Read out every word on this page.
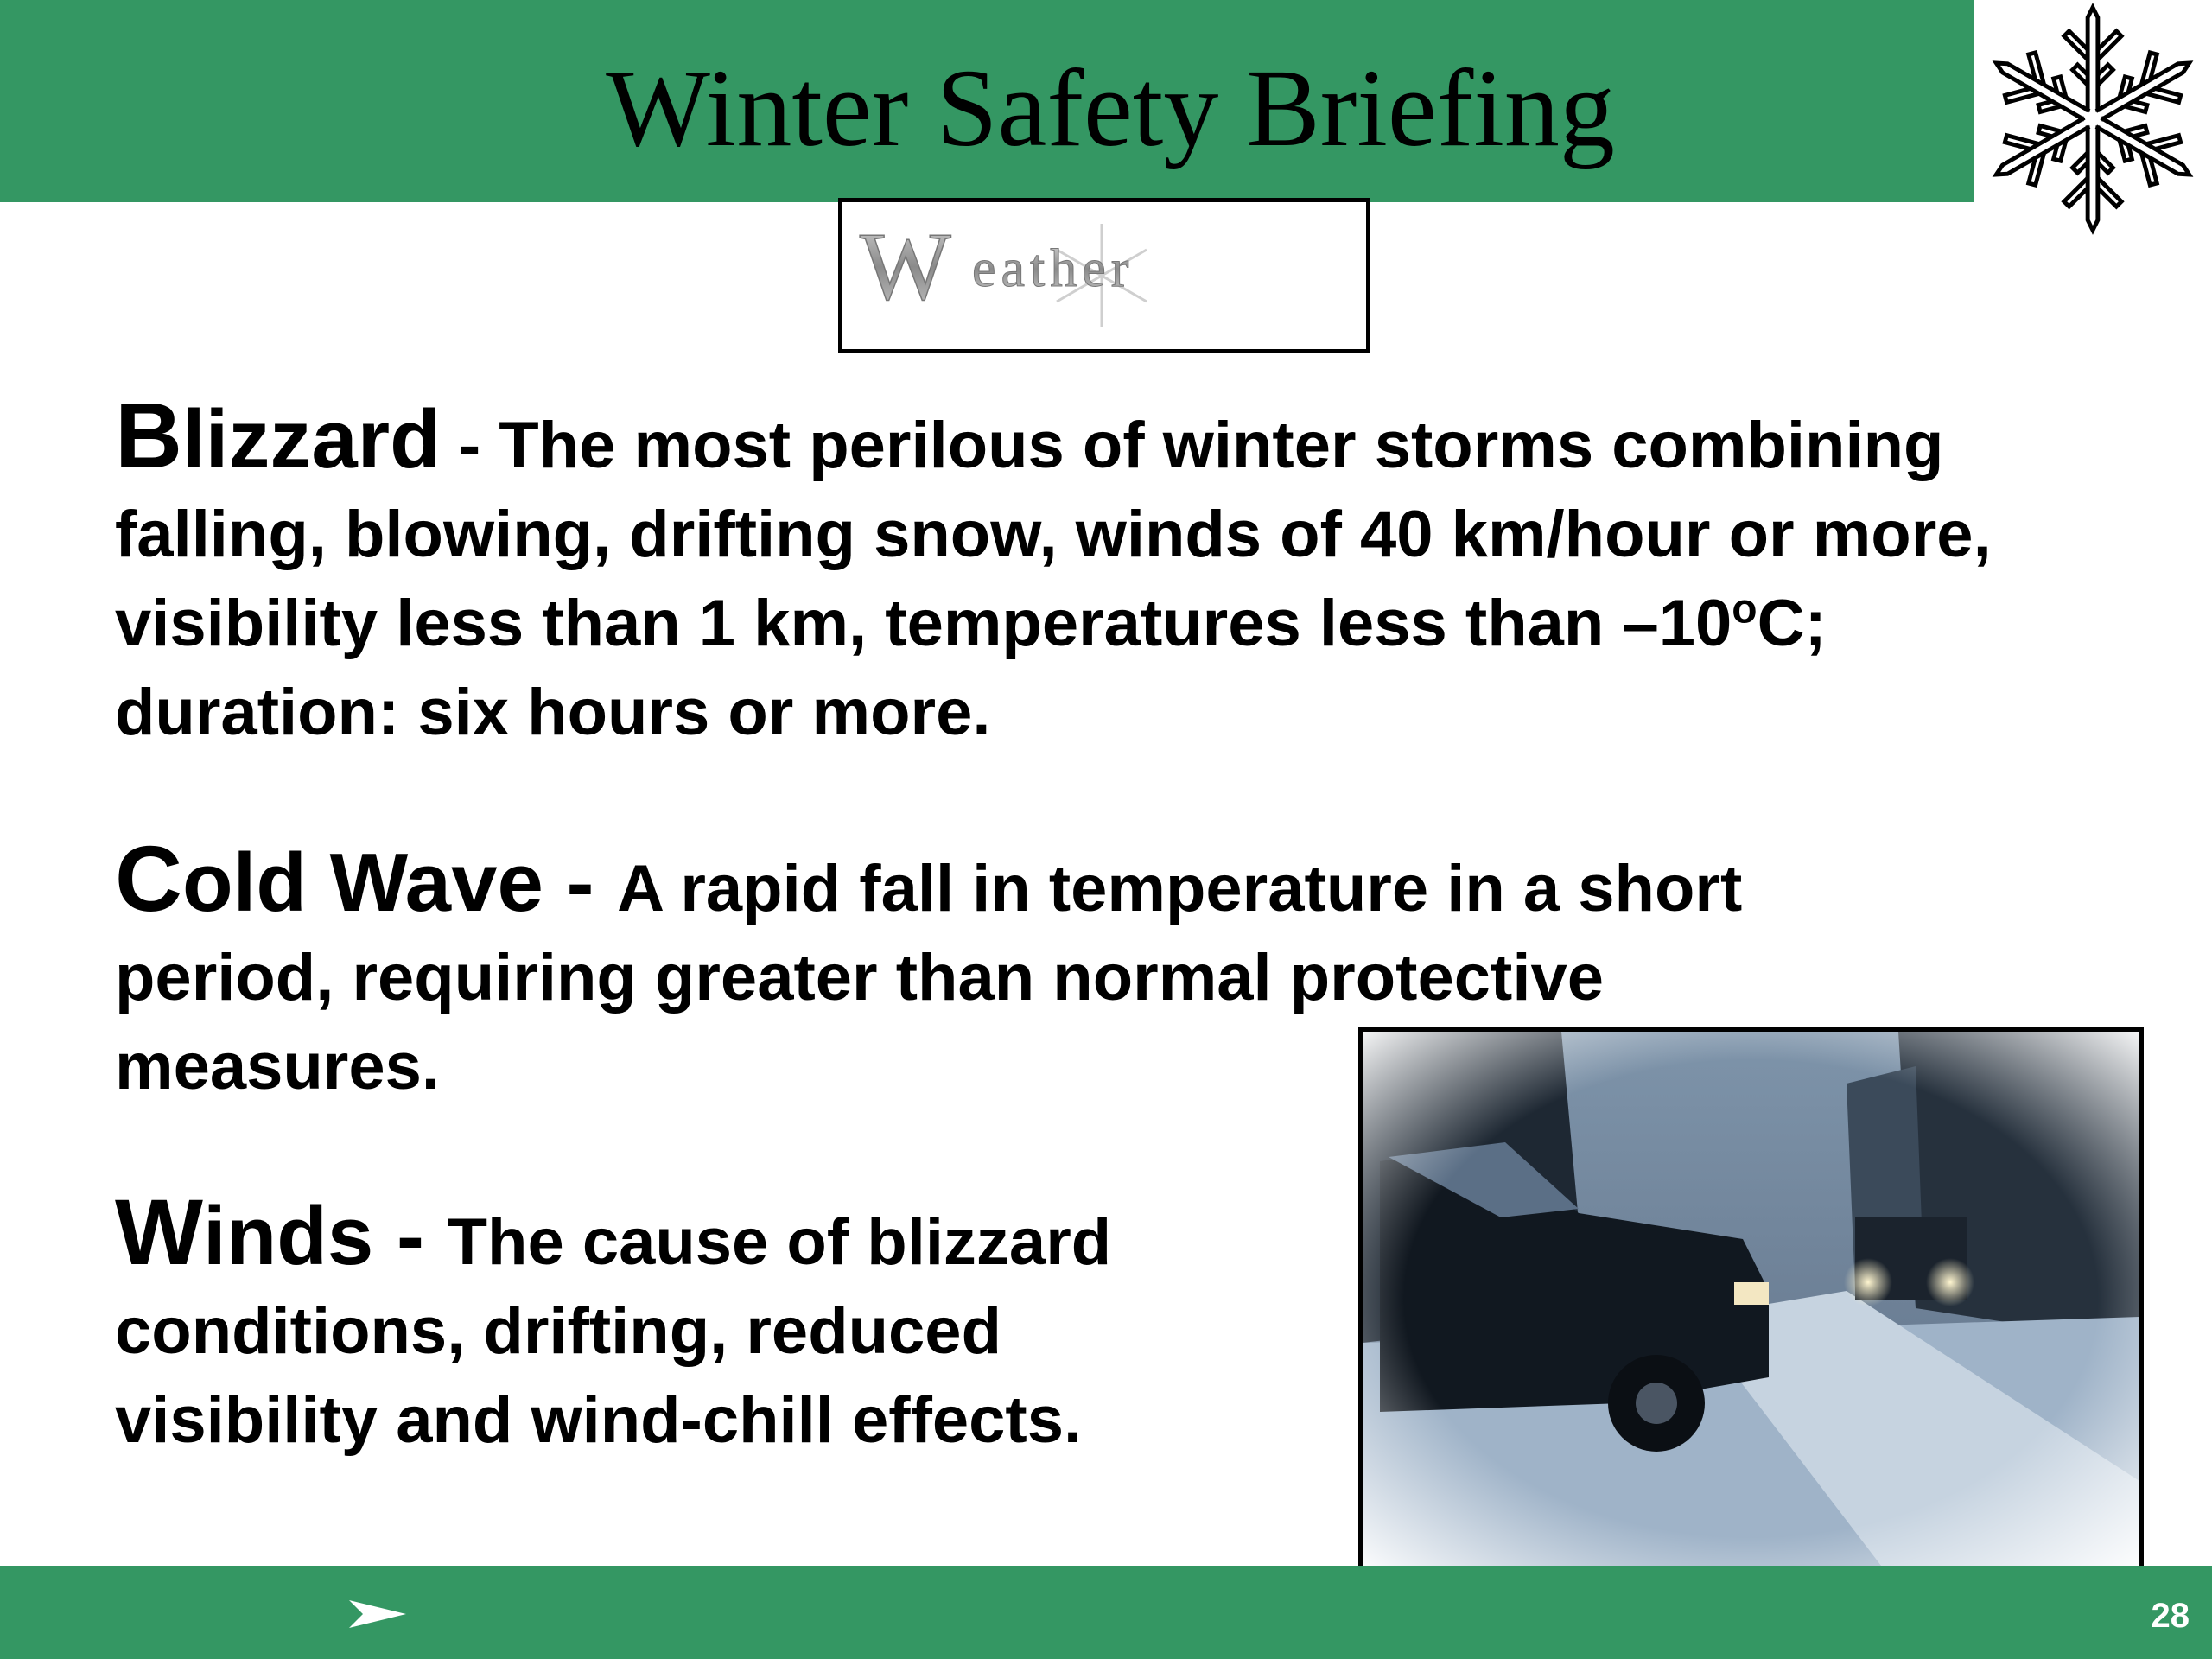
Winter Safety Briefing
W eather

Blizzard - The most perilous of winter storms combining falling, blowing, drifting snow, winds of 40 km/hour or more, visibility less than 1 km, temperatures less than –10$^o$C; duration: six hours or more.

Cold Wave - A rapid fall in temperature in a short
period, requiring greater than normal protective measures.
Winds - The cause of blizzard
conditions, drifting, reduced visibility and wind-chill effects.
28
